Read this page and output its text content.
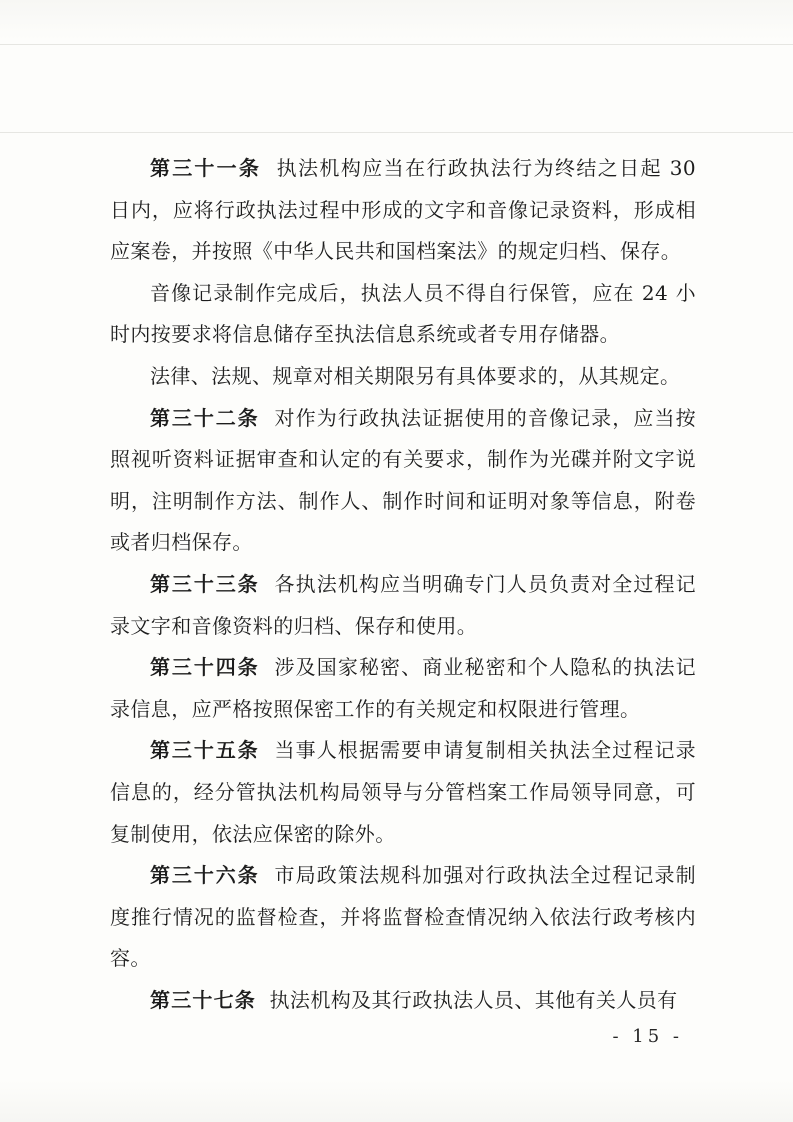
第三十一条 执法机构应当在行政执法行为终结之日起 30 日内，应将行政执法过程中形成的文字和音像记录资料，形成相应案卷，并按照《中华人民共和国档案法》的规定归档、保存。

音像记录制作完成后，执法人员不得自行保管，应在 24 小时内按要求将信息储存至执法信息系统或者专用存储器。

法律、法规、规章对相关期限另有具体要求的，从其规定。

第三十二条 对作为行政执法证据使用的音像记录，应当按照视听资料证据审查和认定的有关要求，制作为光碟并附文字说明，注明制作方法、制作人、制作时间和证明对象等信息，附卷或者归档保存。

第三十三条 各执法机构应当明确专门人员负责对全过程记录文字和音像资料的归档、保存和使用。

第三十四条 涉及国家秘密、商业秘密和个人隐私的执法记录信息，应严格按照保密工作的有关规定和权限进行管理。

第三十五条 当事人根据需要申请复制相关执法全过程记录信息的，经分管执法机构局领导与分管档案工作局领导同意，可复制使用，依法应保密的除外。

第三十六条 市局政策法规科加强对行政执法全过程记录制度推行情况的监督检查，并将监督检查情况纳入依法行政考核内容。

第三十七条 执法机构及其行政执法人员、其他有关人员有

- 15 -
